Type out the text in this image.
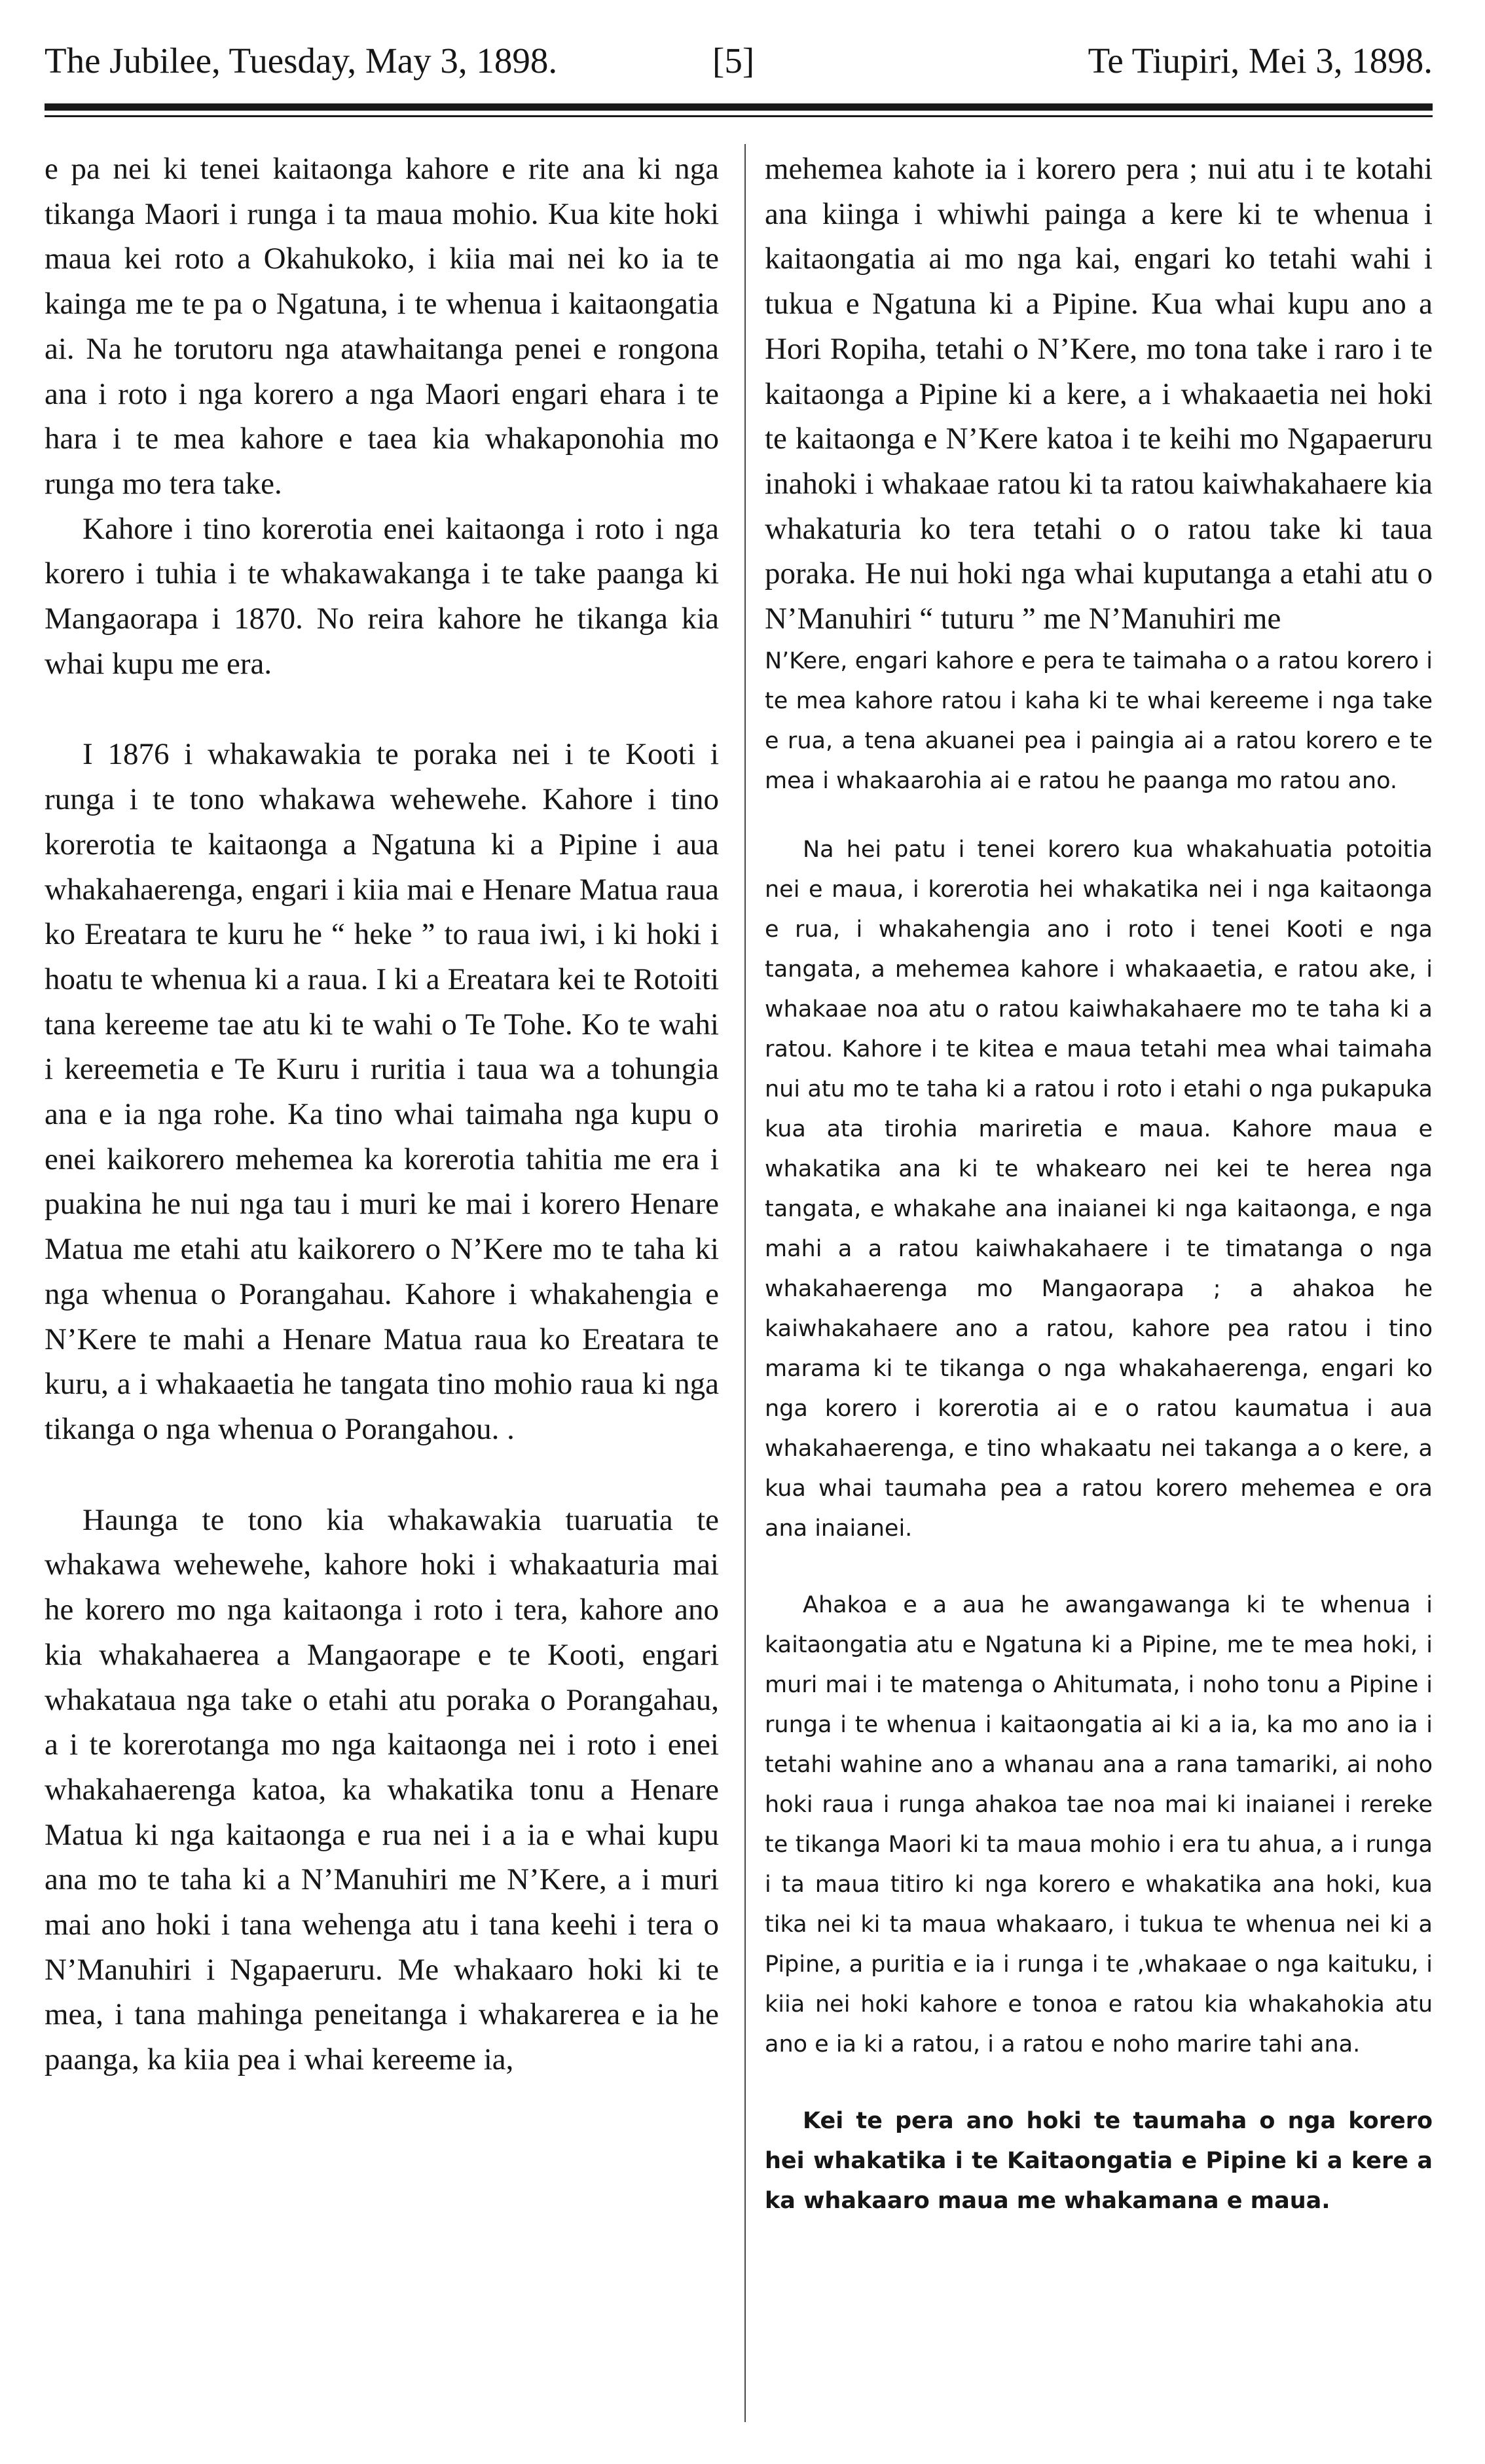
The Jubilee, Tuesday, May 3, 1898.	[5]	Te Tiupiri, Mei 3, 1898.

e pa nei ki tenei kaitaonga kahore e rite ana ki nga tikanga Maori i runga i ta maua mohio. Kua kite hoki maua kei roto a Okahukoko, i kiia mai nei ko ia te kainga me te pa o Ngatuna, i te whenua i kaitaongatia ai. Na he torutoru nga atawhaitanga penei e rongona ana i roto i nga korero a nga Maori engari ehara i te hara i te mea kahore e taea kia whakaponohia mo runga mo tera take.

Kahore i tino korerotia enei kaitaonga i roto i nga korero i tuhia i te whakawakanga i te take paanga ki Mangaorapa i 1870. No reira kahore he tikanga kia whai kupu me era.

I 1876 i whakawakia te poraka nei i te Kooti i runga i te tono whakawa wehewehe. Kahore i tino korerotia te kaitaonga a Ngatuna ki a Pipine i aua whakahaerenga, engari i kiia mai e Henare Matua raua ko Ereatara te kuru he “ heke ” to raua iwi, i ki hoki i hoatu te whenua ki a raua. I ki a Ereatara kei te Rotoiti tana kereeme tae atu ki te wahi o Te Tohe. Ko te wahi i kereemetia e Te Kuru i ruritia i taua wa a tohungia ana e ia nga rohe. Ka tino whai taimaha nga kupu o enei kaikorero mehemea ka korerotia tahitia me era i puakina he nui nga tau i muri ke mai i korero Henare Matua me etahi atu kaikorero o N’Kere mo te taha ki nga whenua o Porangahau. Kahore i whakahengia e N’Kere te mahi a Henare Matua raua ko Ereatara te kuru, a i whakaaetia he tangata tino mohio raua ki nga tikanga o nga whenua o Porangahou. .

Haunga te tono kia whakawakia tuaruatia te whakawa wehewehe, kahore hoki i whakaaturia mai he korero mo nga kaitaonga i roto i tera, kahore ano kia whakahaerea a Mangaorape e te Kooti, engari whakataua nga take o etahi atu poraka o Porangahau, a i te korerotanga mo nga kaitaonga nei i roto i enei whakahaerenga katoa, ka whakatika tonu a Henare Matua ki nga kaitaonga e rua nei i a ia e whai kupu ana mo te taha ki a N’Manuhiri me N’Kere, a i muri mai ano hoki i tana wehenga atu i tana keehi i tera o N’Manuhiri i Ngapaeruru. Me whakaaro hoki ki te mea, i tana mahinga peneitanga i whakarerea e ia he paanga, ka kiia pea i whai kereeme ia,

mehemea kahote ia i korero pera ; nui atu i te kotahi ana kiinga i whiwhi painga a kere ki te whenua i kaitaongatia ai mo nga kai, engari ko tetahi wahi i tukua e Ngatuna ki a Pipine. Kua whai kupu ano a Hori Ropiha, tetahi o N’Kere, mo tona take i raro i te kaitaonga a Pipine ki a kere, a i whakaaetia nei hoki te kaitaonga e N’Kere katoa i te keihi mo Ngapaeruru inahoki i whakaae ratou ki ta ratou kaiwhakahaere kia whakaturia ko tera tetahi o o ratou take ki taua poraka. He nui hoki nga whai kuputanga a etahi atu o N’Manuhiri “ tuturu ” me N’Manuhiri me

N’Kere, engari kahore e pera te taimaha o a ratou korero i te mea kahore ratou i kaha ki te whai kereeme i nga take e rua, a tena akuanei pea i paingia ai a ratou korero e te mea i whakaarohia ai e ratou he paanga mo ratou ano.

Na hei patu i tenei korero kua whakahuatia potoitia nei e maua, i korerotia hei whakatika nei i nga kaitaonga e rua, i whakahengia ano i roto i tenei Kooti e nga tangata, a mehemea kahore i whakaaetia, e ratou ake, i whakaae noa atu o ratou kaiwhakahaere mo te taha ki a ratou. Kahore i te kitea e maua tetahi mea whai taimaha nui atu mo te taha ki a ratou i roto i etahi o nga pukapuka kua ata tirohia mariretia e maua. Kahore maua e whakatika ana ki te whakearo nei kei te herea nga tangata, e whakahe ana inaianei ki nga kaitaonga, e nga mahi a a ratou kaiwhakahaere i te timatanga o nga whakahaerenga mo Mangaorapa ; a ahakoa he kaiwhakahaere ano a ratou, kahore pea ratou i tino marama ki te tikanga o nga whakahaerenga, engari ko nga korero i korerotia ai e o ratou kaumatua i aua whakahaerenga, e tino whakaatu nei takanga a o kere, a kua whai taumaha pea a ratou korero mehemea e ora ana inaianei.

Ahakoa e a aua he awangawanga ki te whenua i kaitaongatia atu e Ngatuna ki a Pipine, me te mea hoki, i muri mai i te matenga o Ahitumata, i noho tonu a Pipine i runga i te whenua i kaitaongatia ai ki a ia, ka mo ano ia i tetahi wahine ano a whanau ana a rana tamariki, ai noho hoki raua i runga ahakoa tae noa mai ki inaianei i rereke te tikanga Maori ki ta maua mohio i era tu ahua, a i runga i ta maua titiro ki nga korero e whakatika ana hoki, kua tika nei ki ta maua whakaaro, i tukua te whenua nei ki a Pipine, a puritia e ia i runga i te ,whakaae o nga kaituku, i kiia nei hoki kahore e tonoa e ratou kia whakahokia atu ano e ia ki a ratou, i a ratou e noho marire tahi ana.

Kei te pera ano hoki te taumaha o nga korero hei whakatika i te Kaitaongatia e Pipine ki a kere a ka whakaaro maua me whakamana e maua.
